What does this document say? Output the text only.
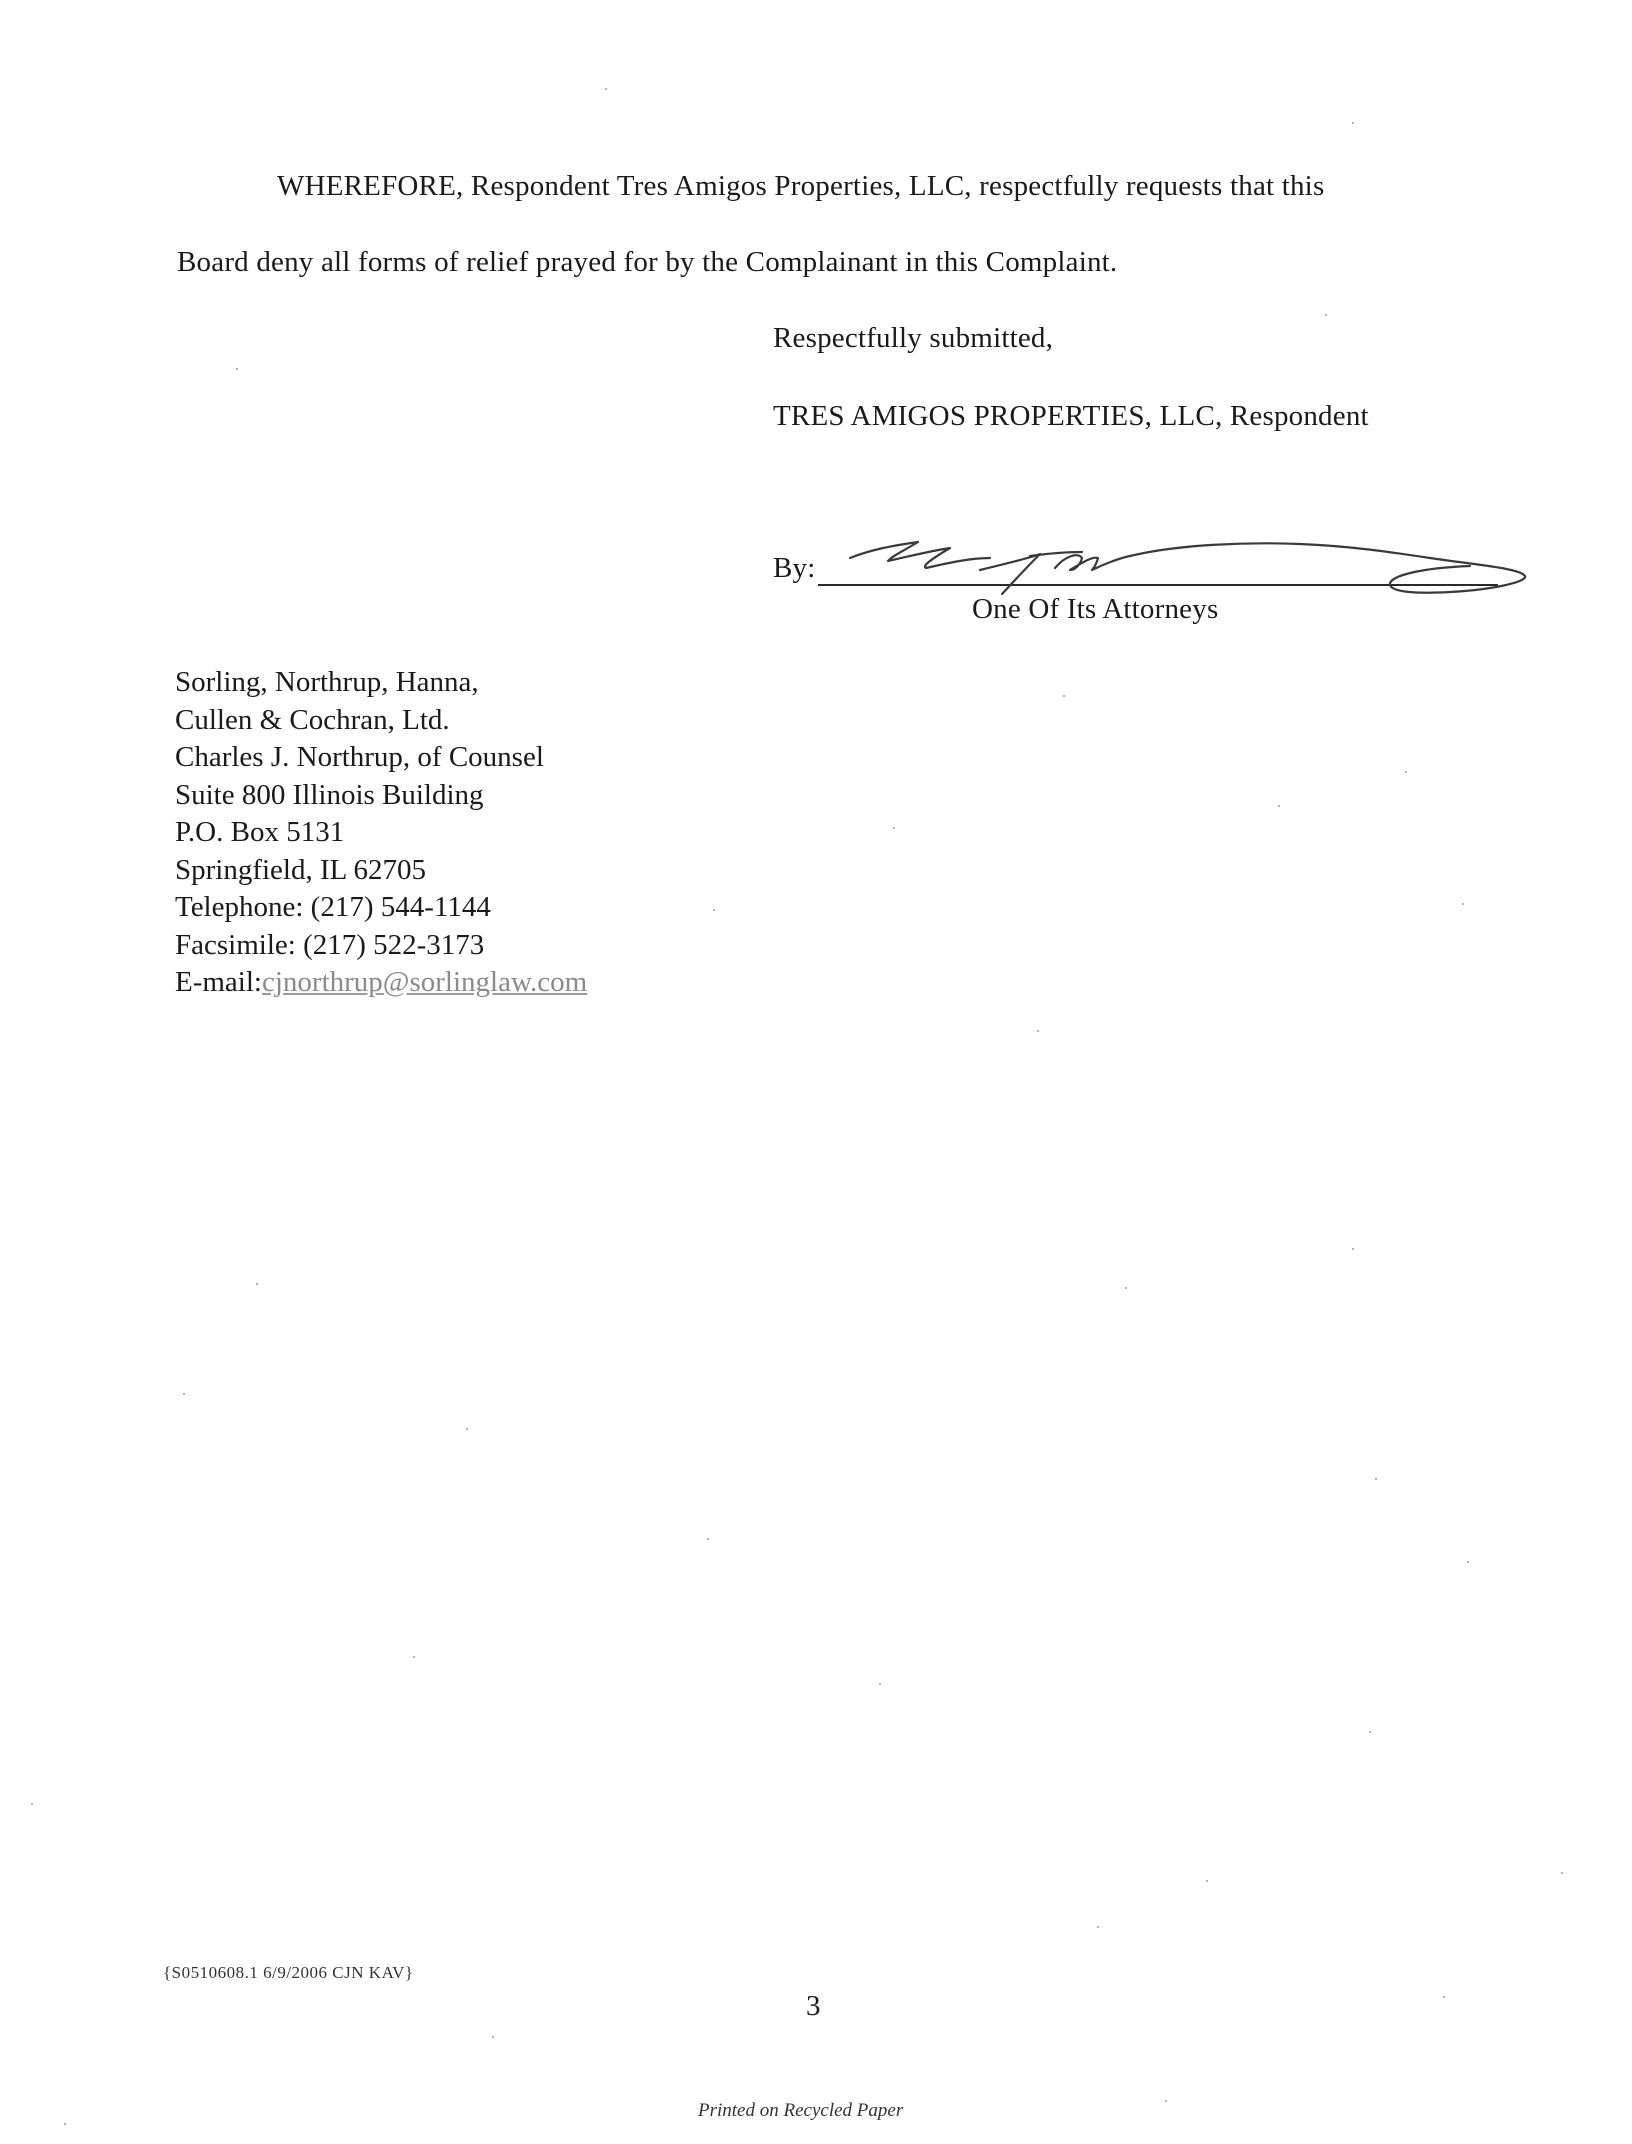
WHEREFORE, Respondent Tres Amigos Properties, LLC, respectfully requests that this
Board deny all forms of relief prayed for by the Complainant in this Complaint.
Respectfully submitted,
TRES AMIGOS PROPERTIES, LLC, Respondent
By:
One Of Its Attorneys
Sorling, Northrup, Hanna,
Cullen & Cochran, Ltd.
Charles J. Northrup, of Counsel
Suite 800 Illinois Building
P.O. Box 5131
Springfield, IL 62705
Telephone: (217) 544-1144
Facsimile: (217) 522-3173
E-mail:cjnorthrup@sorlinglaw.com
{S0510608.1 6/9/2006 CJN KAV}
3
Printed on Recycled Paper
